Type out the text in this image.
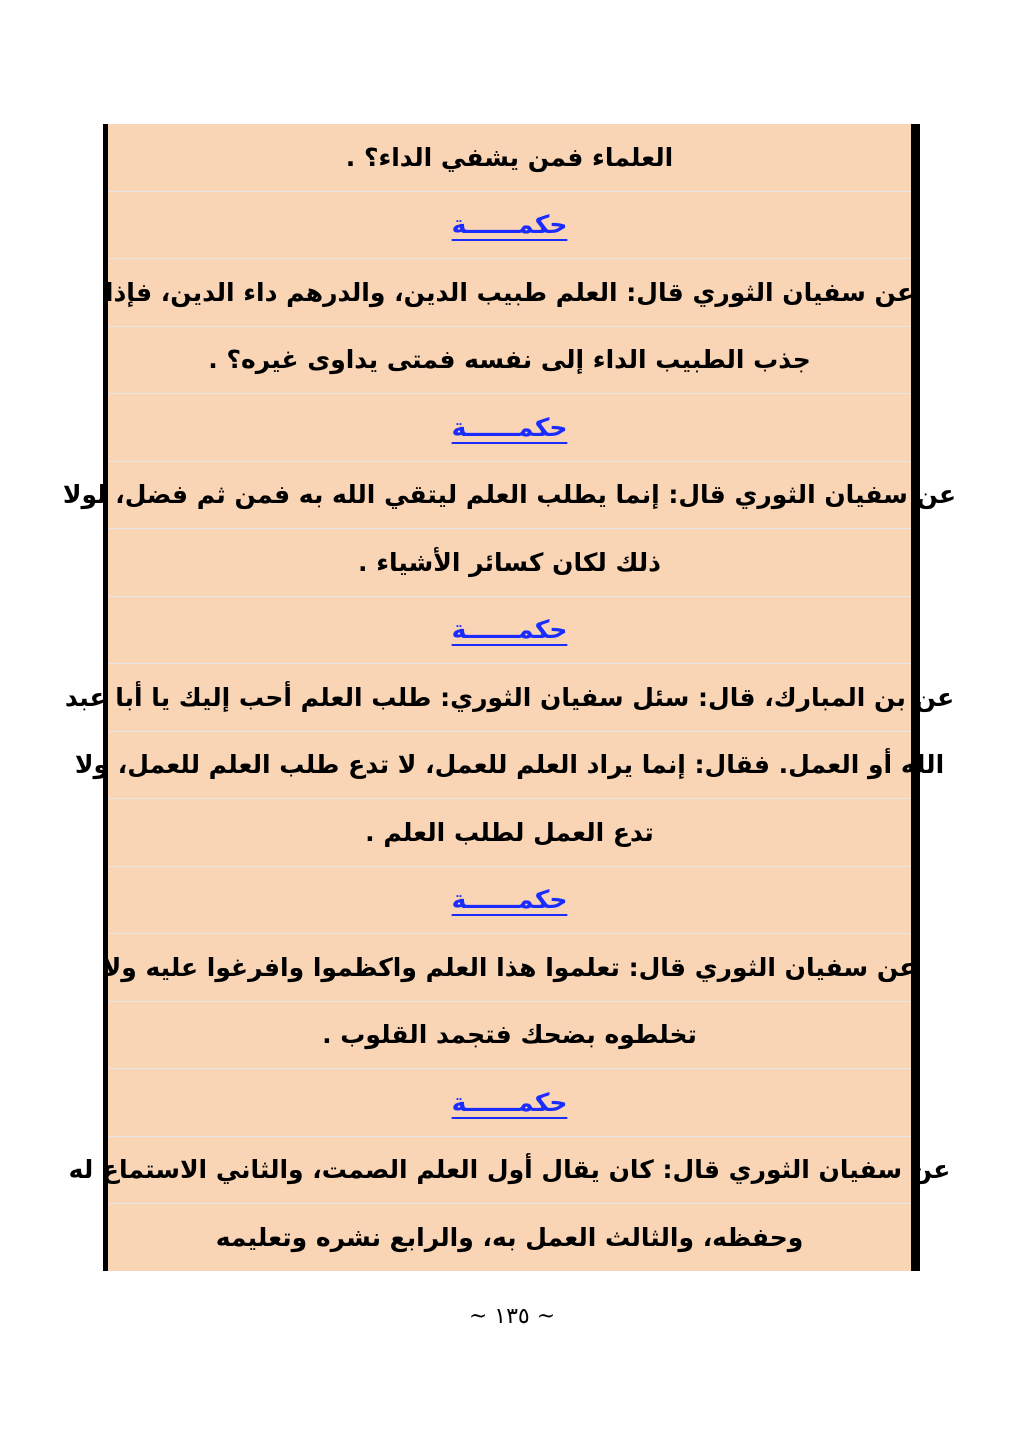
العلماء فمن يشفي الداء؟ .
حكمــــــة
عن سفيان الثوري قال: العلم طبيب الدين، والدرهم داء الدين، فإذا
جذب الطبيب الداء إلى نفسه فمتى يداوى غيره؟ .
حكمــــــة
عن سفيان الثوري قال: إنما يطلب العلم ليتقي الله به فمن ثم فضل، لولا
ذلك لكان كسائر الأشياء .
حكمــــــة
عن بن المبارك، قال: سئل سفيان الثوري: طلب العلم أحب إليك يا أبا عبد
الله أو العمل. فقال: إنما يراد العلم للعمل، لا تدع طلب العلم للعمل، ولا
تدع العمل لطلب العلم .
حكمــــــة
عن سفيان الثوري قال: تعلموا هذا العلم واكظموا وافرغوا عليه ولا
تخلطوه بضحك فتجمد القلوب .
حكمــــــة
عن سفيان الثوري قال: كان يقال أول العلم الصمت، والثاني الاستماع له
وحفظه، والثالث العمل به، والرابع نشره وتعليمه
~ ١٣٥ ~
